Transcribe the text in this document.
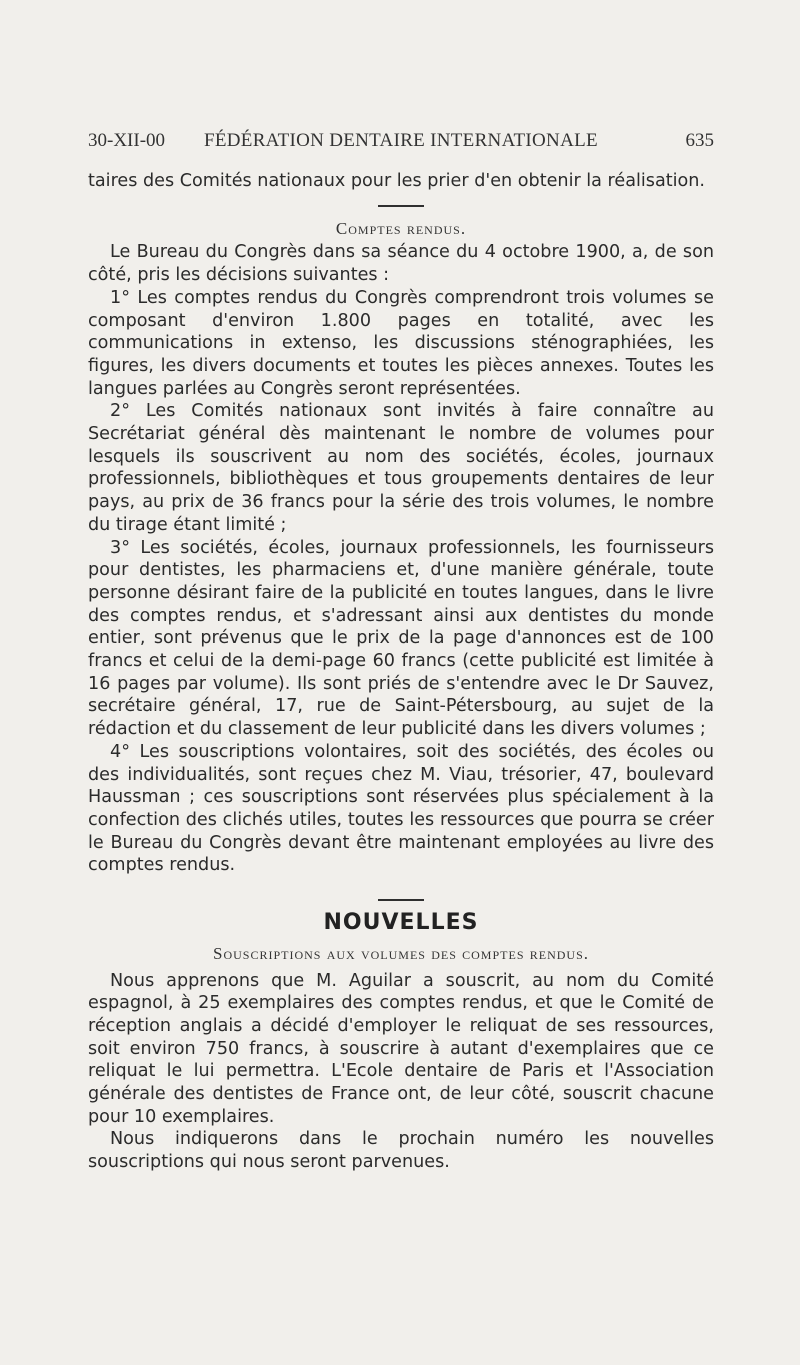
30-XII-00 FÉDÉRATION DENTAIRE INTERNATIONALE	635

taires des Comités nationaux pour les prier d'en obtenir la réalisation.

Comptes rendus.

Le Bureau du Congrès dans sa séance du 4 octobre 1900, a, de son côté, pris les décisions suivantes :

1° Les comptes rendus du Congrès comprendront trois volumes se composant d'environ 1.800 pages en totalité, avec les communications in extenso, les discussions sténographiées, les figures, les divers documents et toutes les pièces annexes. Toutes les langues parlées au Congrès seront représentées.

2° Les Comités nationaux sont invités à faire connaître au Secrétariat général dès maintenant le nombre de volumes pour lesquels ils souscrivent au nom des sociétés, écoles, journaux professionnels, bibliothèques et tous groupements dentaires de leur pays, au prix de 36 francs pour la série des trois volumes, le nombre du tirage étant limité ;

3° Les sociétés, écoles, journaux professionnels, les fournisseurs pour dentistes, les pharmaciens et, d'une manière générale, toute personne désirant faire de la publicité en toutes langues, dans le livre des comptes rendus, et s'adressant ainsi aux dentistes du monde entier, sont prévenus que le prix de la page d'annonces est de 100 francs et celui de la demi-page 60 francs (cette publicité est limitée à 16 pages par volume). Ils sont priés de s'entendre avec le Dr Sauvez, secrétaire général, 17, rue de Saint-Pétersbourg, au sujet de la rédaction et du classement de leur publicité dans les divers volumes ;

4° Les souscriptions volontaires, soit des sociétés, des écoles ou des individualités, sont reçues chez M. Viau, trésorier, 47, boulevard Haussman ; ces souscriptions sont réservées plus spécialement à la confection des clichés utiles, toutes les ressources que pourra se créer le Bureau du Congrès devant être maintenant employées au livre des comptes rendus.

NOUVELLES

Souscriptions aux volumes des comptes rendus.

Nous apprenons que M. Aguilar a souscrit, au nom du Comité espagnol, à 25 exemplaires des comptes rendus, et que le Comité de réception anglais a décidé d'employer le reliquat de ses ressources, soit environ 750 francs, à souscrire à autant d'exemplaires que ce reliquat le lui permettra. L'Ecole dentaire de Paris et l'Association générale des dentistes de France ont, de leur côté, souscrit chacune pour 10 exemplaires.

Nous indiquerons dans le prochain numéro les nouvelles souscriptions qui nous seront parvenues.
